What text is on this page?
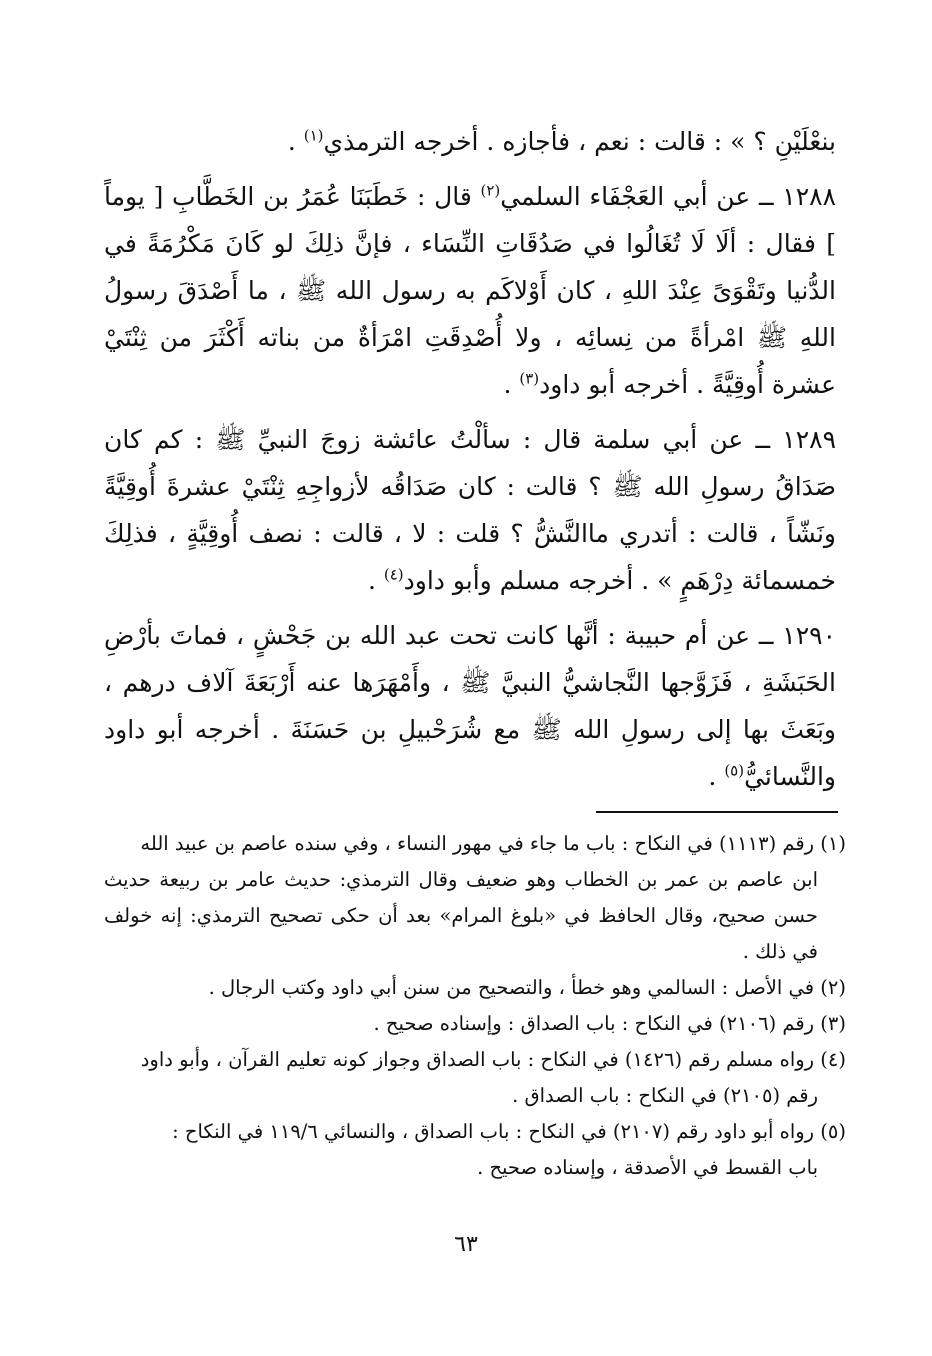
بنعْلَيْنِ ؟ » : قالت : نعم ، فأجازه . أخرجه الترمذي$^{(١)}$ .

١٢٨٨ ــ عن أبي العَجْفَاء السلمي$^{(٢)}$ قال : خَطَبَنَا عُمَرُ بن الخَطَّابِ [ يوماً ] فقال : ألَا لَا تُغَالُوا في صَدُقَاتِ النِّسَاء ، فإنَّ ذلِكَ لو كَانَ مَكْرُمَةً في الدُّنيا وتَقْوَىً عِنْدَ اللهِ ، كان أَوْلاكَم به رسول الله ﷺ ، ما أَصْدَقَ رسولُ اللهِ ﷺ امْرأةً من نِسائِه ، ولا أُصْدِقَتِ امْرَأةٌ من بناته أَكْثَرَ من ثِنْتَيْ عشرة أُوقِيَّةً . أخرجه أبو داود$^{(٣)}$ .

١٢٨٩ ــ عن أبي سلمة قال : سألْتُ عائشة زوجَ النبيِّ ﷺ : كم كان صَدَاقُ رسولِ الله ﷺ ؟ قالت : كان صَدَاقُه لأزواجِهِ ثِنْتَيْ عشرةَ أُوقِيَّةً ونَشّاً ، قالت : أتدري ماالنَّشُّ ؟ قلت : لا ، قالت : نصف أُوقِيَّةٍ ، فذلِكَ خمسمائة دِرْهَمٍ » . أخرجه مسلم وأبو داود$^{(٤)}$ .

١٢٩٠ ــ عن أم حبيبة : أنَّها كانت تحت عبد الله بن جَحْشٍ ، فماتَ بأرْضِ الحَبَشَةِ ، فَزَوَّجها النَّجاشيُّ النبيَّ ﷺ ، وأَمْهَرَها عنه أَرْبَعَةَ آلاف درهم ، وبَعَثَ بها إلى رسولِ الله ﷺ مع شُرَحْبيلِ بن حَسَنَةَ . أخرجه أبو داود والنَّسائيُّ$^{(٥)}$ .

(١) رقم (١١١٣) في النكاح : باب ما جاء في مهور النساء ، وفي سنده عاصم بن عبيد الله

ابن عاصم بن عمر بن الخطاب وهو ضعيف وقال الترمذي: حديث عامر بن ربيعة حديث حسن صحيح، وقال الحافظ في «بلوغ المرام» بعد أن حكى تصحيح الترمذي: إنه خولف في ذلك .

(٢) في الأصل : السالمي وهو خطأ ، والتصحيح من سنن أبي داود وكتب الرجال .

(٣) رقم (٢١٠٦) في النكاح : باب الصداق : وإسناده صحيح .

(٤) رواه مسلم رقم (١٤٢٦) في النكاح : باب الصداق وجواز كونه تعليم القرآن ، وأبو داود

رقم (٢١٠٥) في النكاح : باب الصداق .

(٥) رواه أبو داود رقم (٢١٠٧) في النكاح : باب الصداق ، والنسائي ١١٩/٦ في النكاح :

باب القسط في الأصدقة ، وإسناده صحيح .

٦٣
